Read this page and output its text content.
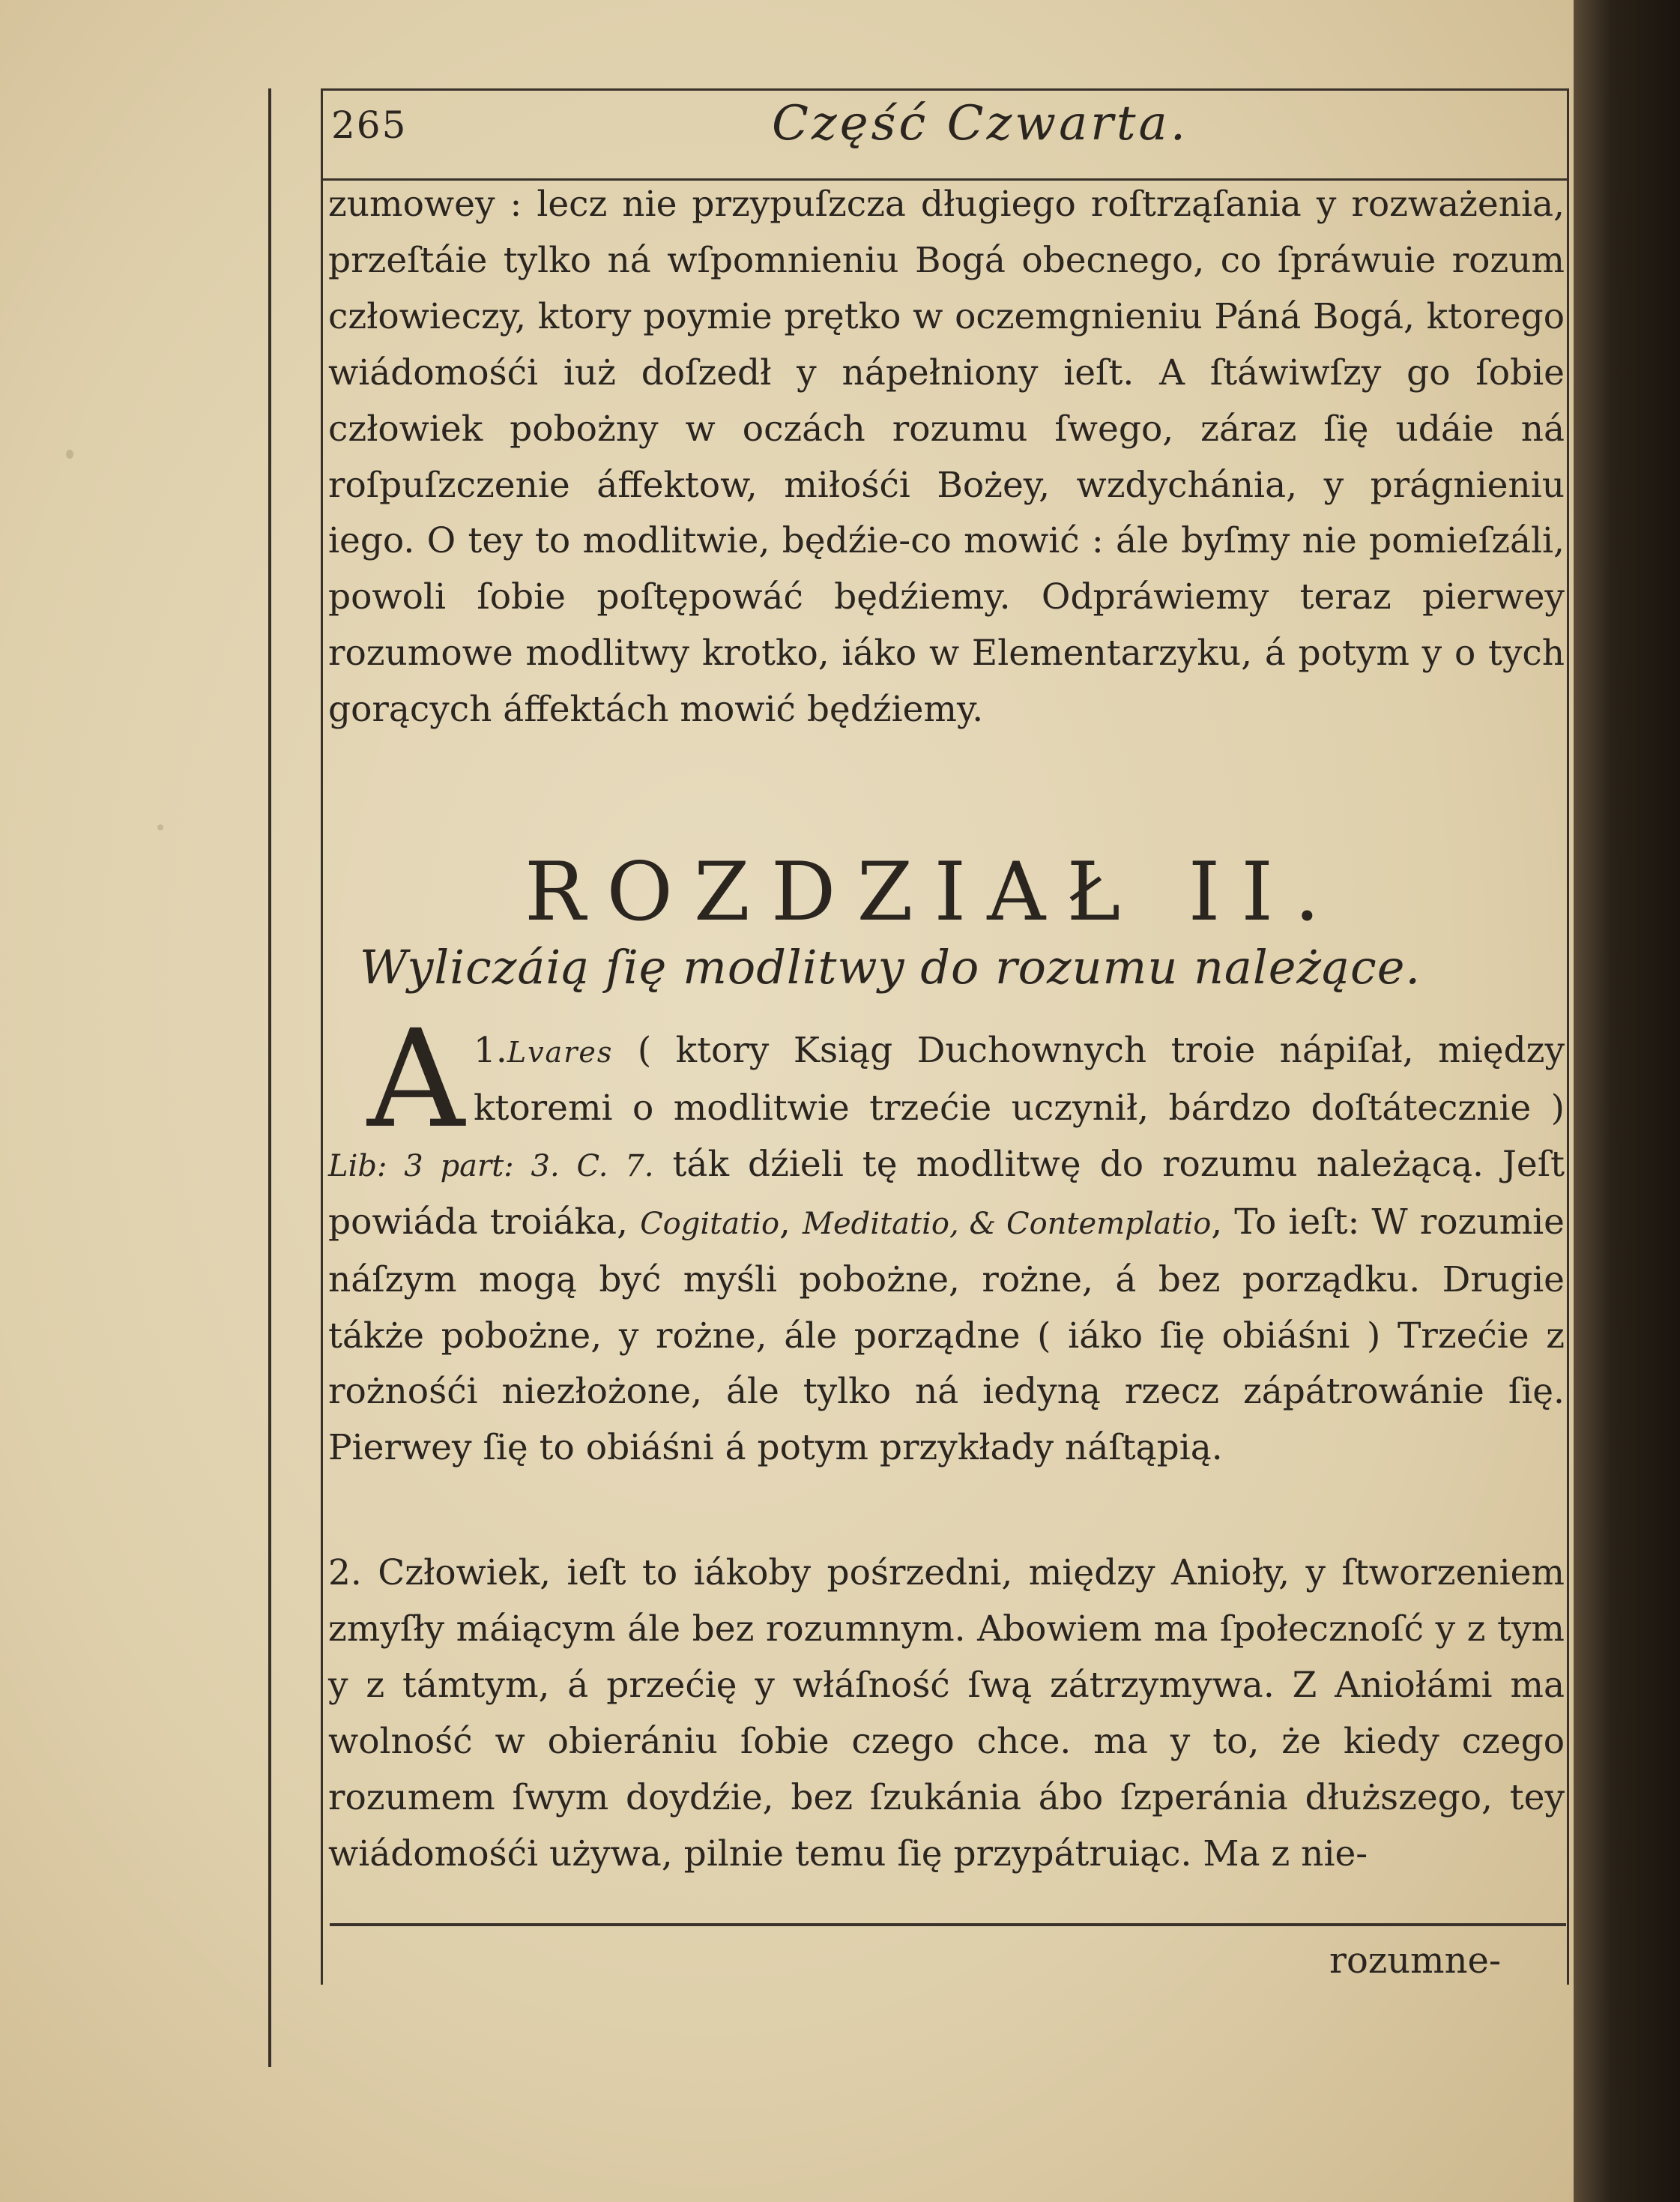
265	Część Czwarta.

zumowey : lecz nie przypuſzcza długiego roſtrząſania y rozważenia, przeſtáie tylko ná wſpomnieniu Bogá obecnego, co ſpráwuie rozum człowieczy, ktory poymie prętko w oczemgnieniu Páná Bogá, ktorego wiádomośći iuż doſzedł y nápełniony ieſt. A ſtáwiwſzy go ſobie człowiek pobożny w oczách rozumu ſwego, záraz ſię udáie ná roſpuſzczenie áffektow, miłośći Bożey, wzdychánia, y prágnieniu iego. O tey to modlitwie, będźie-co mowić : ále byſmy nie pomieſzáli, powoli ſobie poſtępowáć będźiemy. Odpráwiemy teraz pierwey rozumowe modlitwy krotko, iáko w Elementarzyku, á potym y o tych gorących áffektách mowić będźiemy.

ROZDZIAŁ II.
Wyliczáią ſię modlitwy do rozumu należące.

1.
A Lvares ( ktory Ksiąg Duchownych troie nápiſał, między ktoremi o modlitwie trzećie uczynił, bárdzo doſtátecznie ) Lib: 3 part: 3. C. 7. ták dźieli tę modlitwę do rozumu należącą. Jeſt powiáda troiáka, Cogitatio, Meditatio, & Contemplatio, To ieſt: W rozumie náſzym mogą być myśli pobożne, rożne, á bez porządku. Drugie tákże pobożne, y rożne, ále porządne ( iáko ſię obiáśni ) Trzećie z rożnośći niezłożone, ále tylko ná iedyną rzecz zápátrowánie ſię. Pierwey ſię to obiáśni á potym przykłady náſtąpią.

2. Człowiek, ieſt to iákoby pośrzedni, między Anioły, y ſtworzeniem zmyſły máiącym ále bez rozumnym. Abowiem ma ſpołecznoſć y z tym y z támtym, á przećię y włáſność ſwą zátrzymywa. Z Aniołámi ma wolność w obierániu ſobie czego chce. ma y to, że kiedy czego rozumem ſwym doydźie, bez ſzukánia ábo ſzperánia dłuższego, tey wiádomośći używa, pilnie temu ſię przypátruiąc. Ma z nie-

rozumne-
